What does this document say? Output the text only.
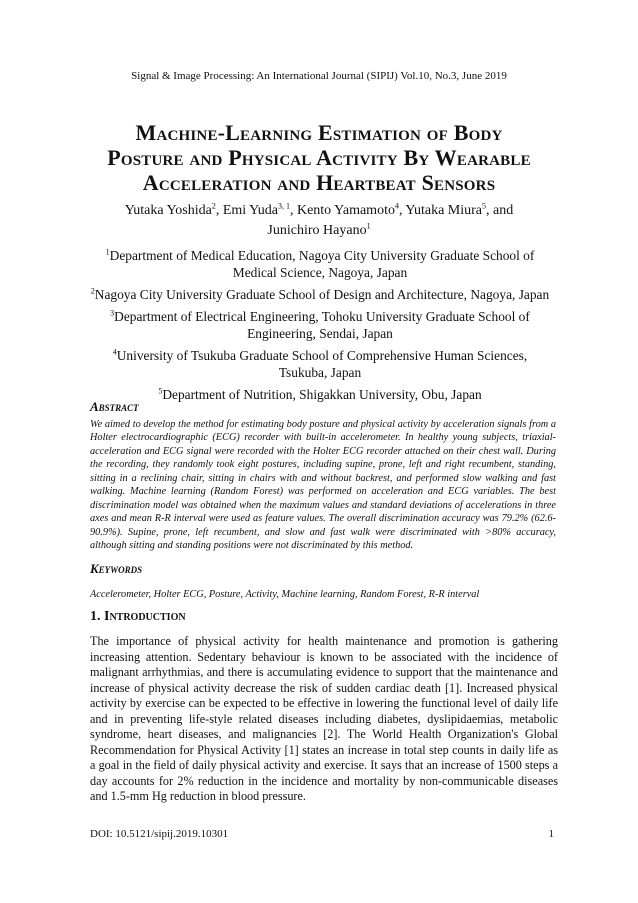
Signal & Image Processing: An International Journal (SIPIJ) Vol.10, No.3, June 2019
Machine-Learning Estimation of Body
Posture and Physical Activity By Wearable
Acceleration and Heartbeat Sensors
Yutaka Yoshida$^2$, Emi Yuda$^{3, 1}$, Kento Yamamoto$^4$, Yutaka Miura$^5$, and
Junichiro Hayano$^1$
$^1$Department of Medical Education, Nagoya City University Graduate School of Medical Science, Nagoya, Japan
$^2$Nagoya City University Graduate School of Design and Architecture, Nagoya, Japan
$^3$Department of Electrical Engineering, Tohoku University Graduate School of Engineering, Sendai, Japan
$^4$University of Tsukuba Graduate School of Comprehensive Human Sciences, Tsukuba, Japan
$^5$Department of Nutrition, Shigakkan University, Obu, Japan
Abstract

We aimed to develop the method for estimating body posture and physical activity by acceleration signals from a Holter electrocardiographic (ECG) recorder with built-in accelerometer. In healthy young subjects, triaxial-acceleration and ECG signal were recorded with the Holter ECG recorder attached on their chest wall. During the recording, they randomly took eight postures, including supine, prone, left and right recumbent, standing, sitting in a reclining chair, sitting in chairs with and without backrest, and performed slow walking and fast walking. Machine learning (Random Forest) was performed on acceleration and ECG variables. The best discrimination model was obtained when the maximum values and standard deviations of accelerations in three axes and mean R-R interval were used as feature values. The overall discrimination accuracy was 79.2% (62.6-90.9%). Supine, prone, left recumbent, and slow and fast walk were discriminated with >80% accuracy, although sitting and standing positions were not discriminated by this method.

Keywords

Accelerometer, Holter ECG, Posture, Activity, Machine learning, Random Forest, R-R interval

1. Introduction

The importance of physical activity for health maintenance and promotion is gathering increasing attention. Sedentary behaviour is known to be associated with the incidence of malignant arrhythmias, and there is accumulating evidence to support that the maintenance and increase of physical activity decrease the risk of sudden cardiac death [1]. Increased physical activity by exercise can be expected to be effective in lowering the functional level of daily life and in preventing life-style related diseases including diabetes, dyslipidaemias, metabolic syndrome, heart diseases, and malignancies [2]. The World Health Organization's Global Recommendation for Physical Activity [1] states an increase in total step counts in daily life as a goal in the field of daily physical activity and exercise. It says that an increase of 1500 steps a day accounts for 2% reduction in the incidence and mortality by non-communicable diseases and 1.5-mm Hg reduction in blood pressure.

DOI: 10.5121/sipij.2019.10301	1
